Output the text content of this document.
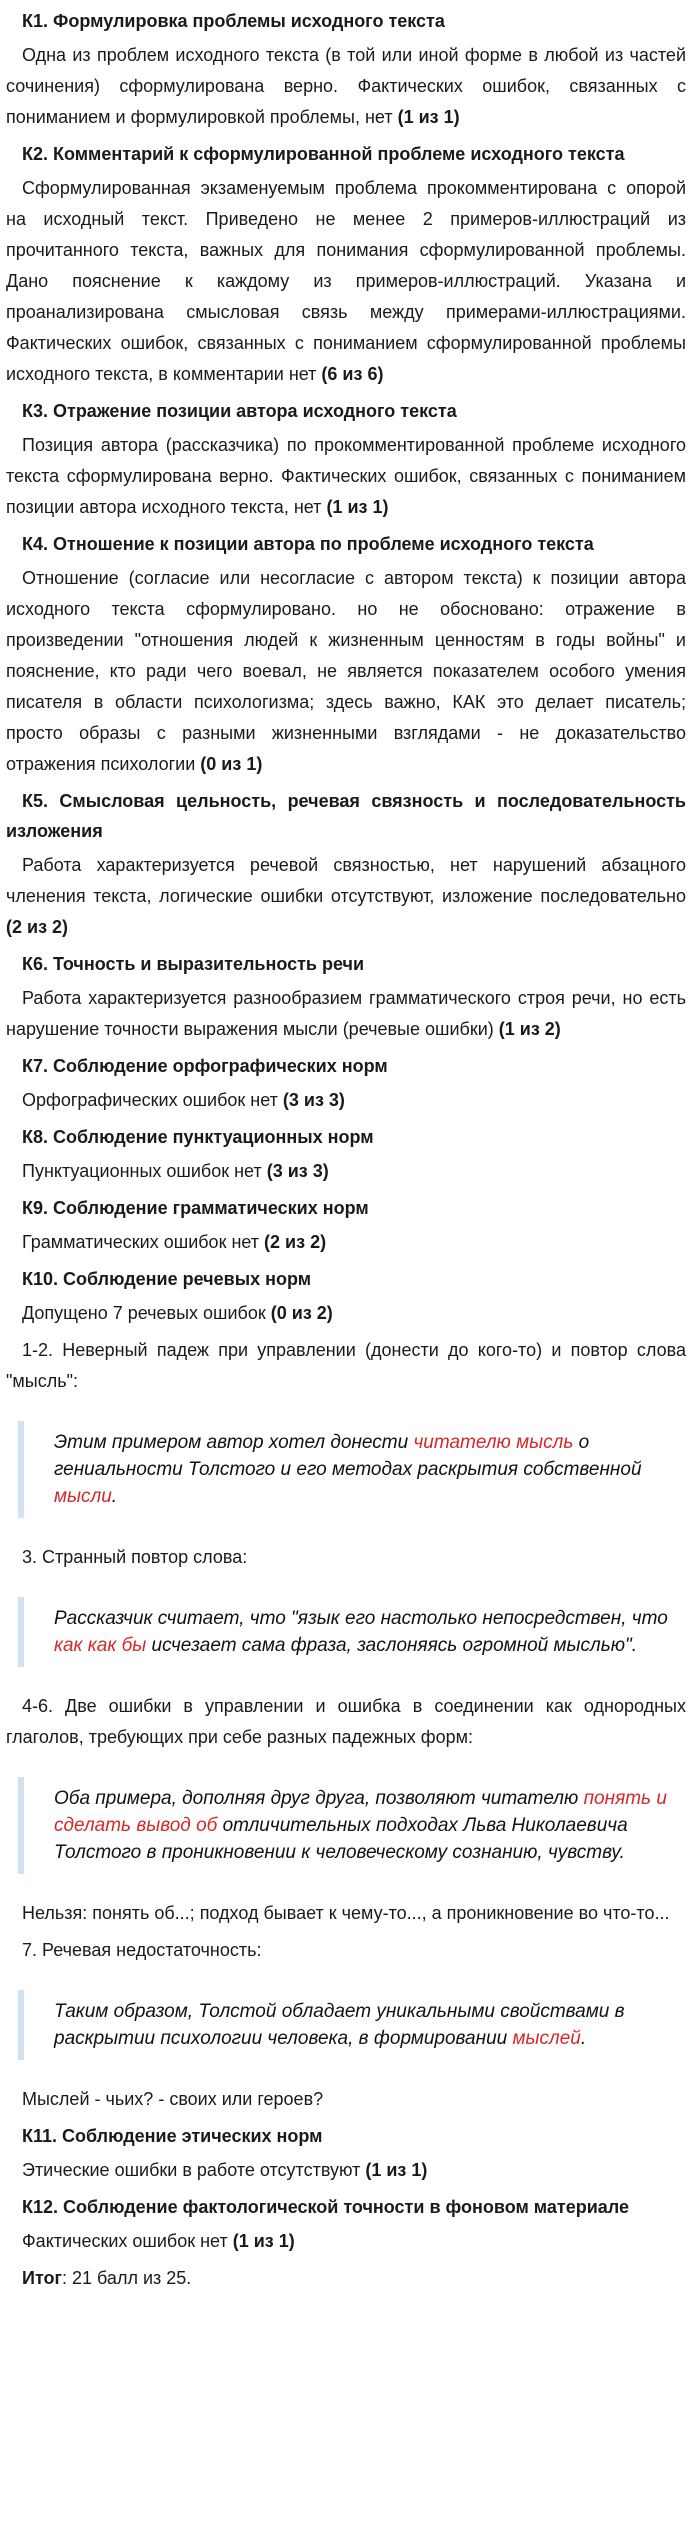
К1. Формулировка проблемы исходного текста
Одна из проблем исходного текста (в той или иной форме в любой из частей сочинения) сформулирована верно. Фактических ошибок, связанных с пониманием и формулировкой проблемы, нет (1 из 1)
К2. Комментарий к сформулированной проблеме исходного текста
Сформулированная экзаменуемым проблема прокомментирована с опорой на исходный текст. Приведено не менее 2 примеров-иллюстраций из прочитанного текста, важных для понимания сформулированной проблемы. Дано пояснение к каждому из примеров-иллюстраций. Указана и проанализирована смысловая связь между примерами-иллюстрациями. Фактических ошибок, связанных с пониманием сформулированной проблемы исходного текста, в комментарии нет (6 из 6)
К3. Отражение позиции автора исходного текста
Позиция автора (рассказчика) по прокомментированной проблеме исходного текста сформулирована верно. Фактических ошибок, связанных с пониманием позиции автора исходного текста, нет (1 из 1)
К4. Отношение к позиции автора по проблеме исходного текста
Отношение (согласие или несогласие с автором текста) к позиции автора исходного текста сформулировано. но не обосновано: отражение в произведении "отношения людей к жизненным ценностям в годы войны" и пояснение, кто ради чего воевал, не является показателем особого умения писателя в области психологизма; здесь важно, КАК это делает писатель; просто образы с разными жизненными взглядами - не доказательство отражения психологии (0 из 1)
К5. Смысловая цельность, речевая связность и последовательность изложения
Работа характеризуется речевой связностью, нет нарушений абзацного членения текста, логические ошибки отсутствуют, изложение последовательно (2 из 2)
К6. Точность и выразительность речи
Работа характеризуется разнообразием грамматического строя речи, но есть нарушение точности выражения мысли (речевые ошибки) (1 из 2)
К7. Соблюдение орфографических норм
Орфографических ошибок нет (3 из 3)
К8. Соблюдение пунктуационных норм
Пунктуационных ошибок нет (3 из 3)
К9. Соблюдение грамматических норм
Грамматических ошибок нет (2 из 2)
К10. Соблюдение речевых норм
Допущено 7 речевых ошибок (0 из 2)
1-2. Неверный падеж при управлении (донести до кого-то) и повтор слова "мысль":
Этим примером автор хотел донести читателю мысль о гениальности Толстого и его методах раскрытия собственной мысли.
3. Странный повтор слова:
Рассказчик считает, что "язык его настолько непосредствен, что как как бы исчезает сама фраза, заслоняясь огромной мыслью".
4-6. Две ошибки в управлении и ошибка в соединении как однородных глаголов, требующих при себе разных падежных форм:
Оба примера, дополняя друг друга, позволяют читателю понять и сделать вывод об отличительных подходах Льва Николаевича Толстого в проникновении к человеческому сознанию, чувству.
Нельзя: понять об...; подход бывает к чему-то..., а проникновение во что-то...
7. Речевая недостаточность:
Таким образом, Толстой обладает уникальными свойствами в раскрытии психологии человека, в формировании мыслей.
Мыслей - чьих? - своих или героев?
К11. Соблюдение этических норм
Этические ошибки в работе отсутствуют (1 из 1)
К12. Соблюдение фактологической точности в фоновом материале
Фактических ошибок нет (1 из 1)
Итог: 21 балл из 25.
